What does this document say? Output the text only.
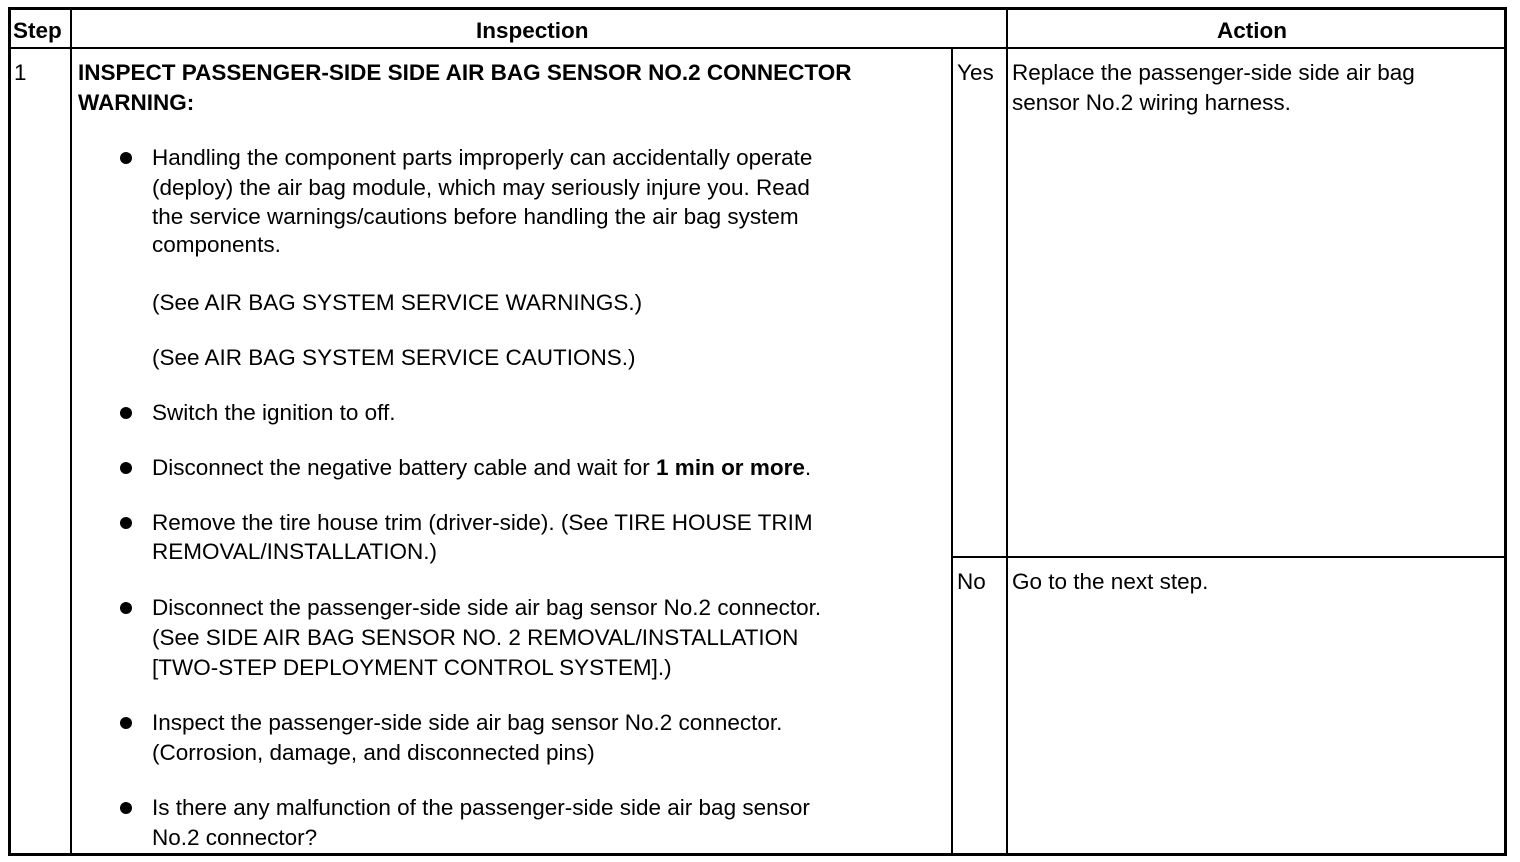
Step	Inspection	Action
1 INSPECT PASSENGER-SIDE SIDE AIR BAG SENSOR NO.2 CONNECTOR
WARNING:
Handling the component parts improperly can accidentally operate
(deploy) the air bag module, which may seriously injure you. Read
the service warnings/cautions before handling the air bag system
components.
(See AIR BAG SYSTEM SERVICE WARNINGS.)
(See AIR BAG SYSTEM SERVICE CAUTIONS.)
Switch the ignition to off.
Disconnect the negative battery cable and wait for 1 min or more.
Remove the tire house trim (driver-side). (See TIRE HOUSE TRIM
REMOVAL/INSTALLATION.)
Disconnect the passenger-side side air bag sensor No.2 connector.
(See SIDE AIR BAG SENSOR NO. 2 REMOVAL/INSTALLATION
[TWO-STEP DEPLOYMENT CONTROL SYSTEM].)
Inspect the passenger-side side air bag sensor No.2 connector.
(Corrosion, damage, and disconnected pins)
Is there any malfunction of the passenger-side side air bag sensor
No.2 connector?
Yes Replace the passenger-side side air bag
sensor No.2 wiring harness.
No Go to the next step.
